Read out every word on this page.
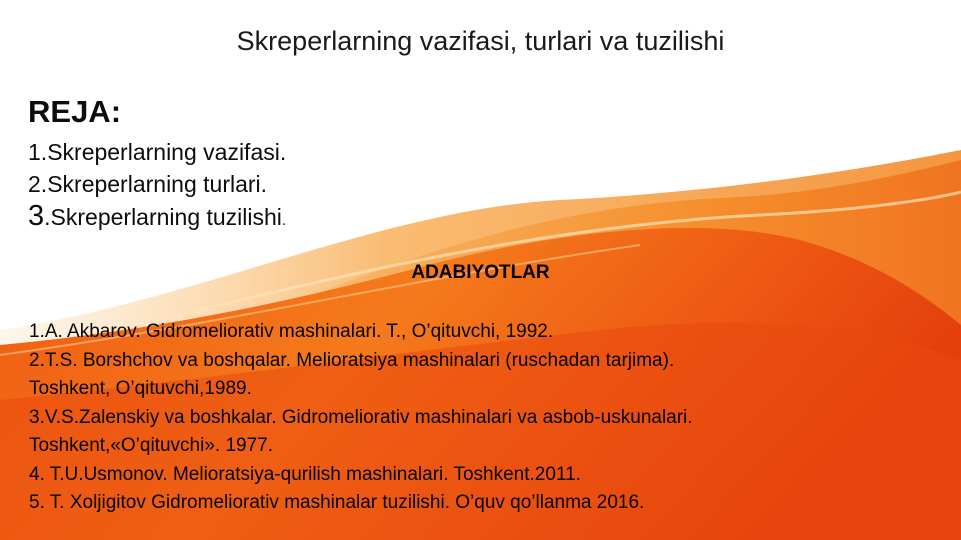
Skreperlarning vazifasi, turlari va tuzilishi
REJA:
1.Skreperlarning vazifasi.
2.Skreperlarning turlari.
3.Skreperlarning tuzilishi.
ADABIYOTLAR
1.A. Akbarov. Gidromeliorativ mashinalari. T., O’qituvchi, 1992.
2.T.S. Borshchov va boshqalar. Melioratsiya mashinalari (ruschadan tarjima).
Toshkent, O’qituvchi,1989.
3.V.S.Zalenskiy va boshkalar. Gidromeliorativ mashinalari va asbob-uskunalari.
Toshkent,«O’qituvchi». 1977.
4. T.U.Usmonov. Melioratsiya-qurilish mashinalari. Toshkent.2011.
5. T. Xoljigitov Gidromeliorativ mashinalar tuzilishi. O’quv qo’llanma 2016.
